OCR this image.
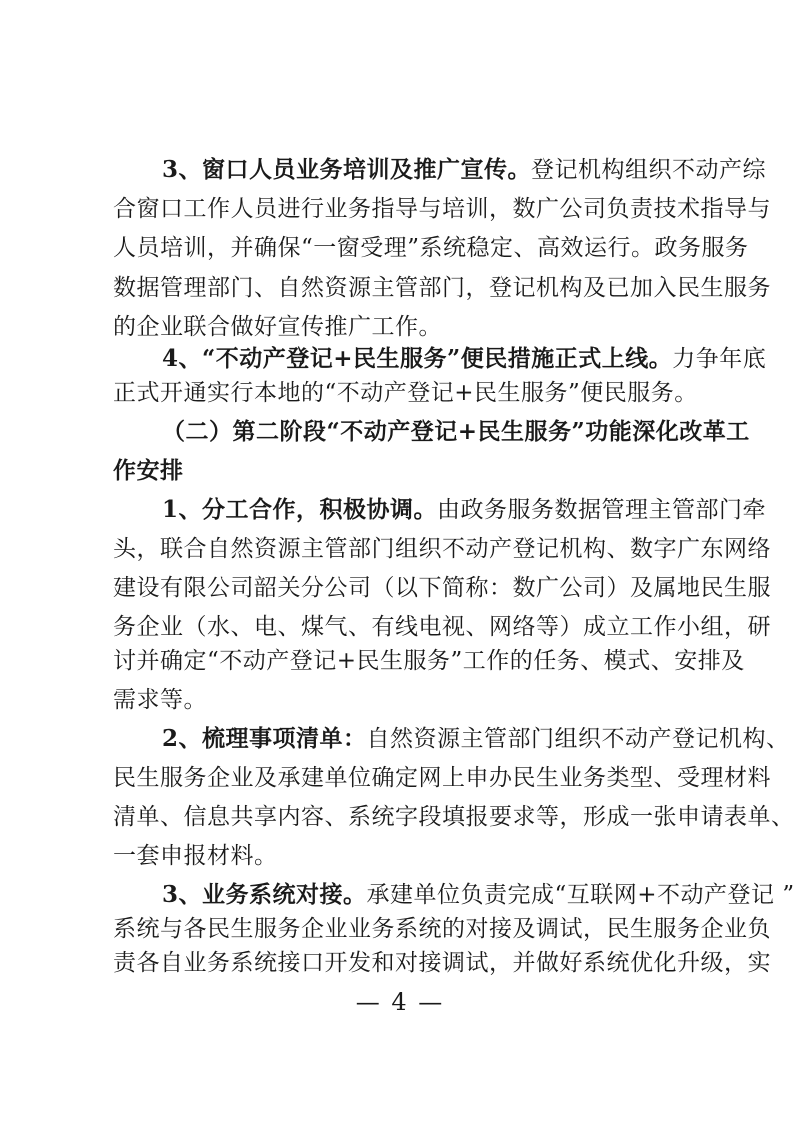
3、窗口人员业务培训及推广宣传。登记机构组织不动产综
合窗口工作人员进行业务指导与培训，数广公司负责技术指导与
人员培训，并确保“一窗受理”系统稳定、高效运行。政务服务
数据管理部门、自然资源主管部门，登记机构及已加入民生服务
的企业联合做好宣传推广工作。
4、“不动产登记+民生服务”便民措施正式上线。力争年底
正式开通实行本地的“不动产登记+民生服务”便民服务。
（二）第二阶段“不动产登记+民生服务”功能深化改革工
作安排
1、分工合作，积极协调。由政务服务数据管理主管部门牵
头，联合自然资源主管部门组织不动产登记机构、数字广东网络
建设有限公司韶关分公司（以下简称：数广公司）及属地民生服
务企业（水、电、煤气、有线电视、网络等）成立工作小组，研
讨并确定“不动产登记+民生服务”工作的任务、模式、安排及
需求等。
2、梳理事项清单：自然资源主管部门组织不动产登记机构、
民生服务企业及承建单位确定网上申办民生业务类型、受理材料
清单、信息共享内容、系统字段填报要求等，形成一张申请表单、
一套申报材料。
3、业务系统对接。承建单位负责完成“互联网+不动产登记 ”
系统与各民生服务企业业务系统的对接及调试，民生服务企业负
责各自业务系统接口开发和对接调试，并做好系统优化升级，实
— 4 —
